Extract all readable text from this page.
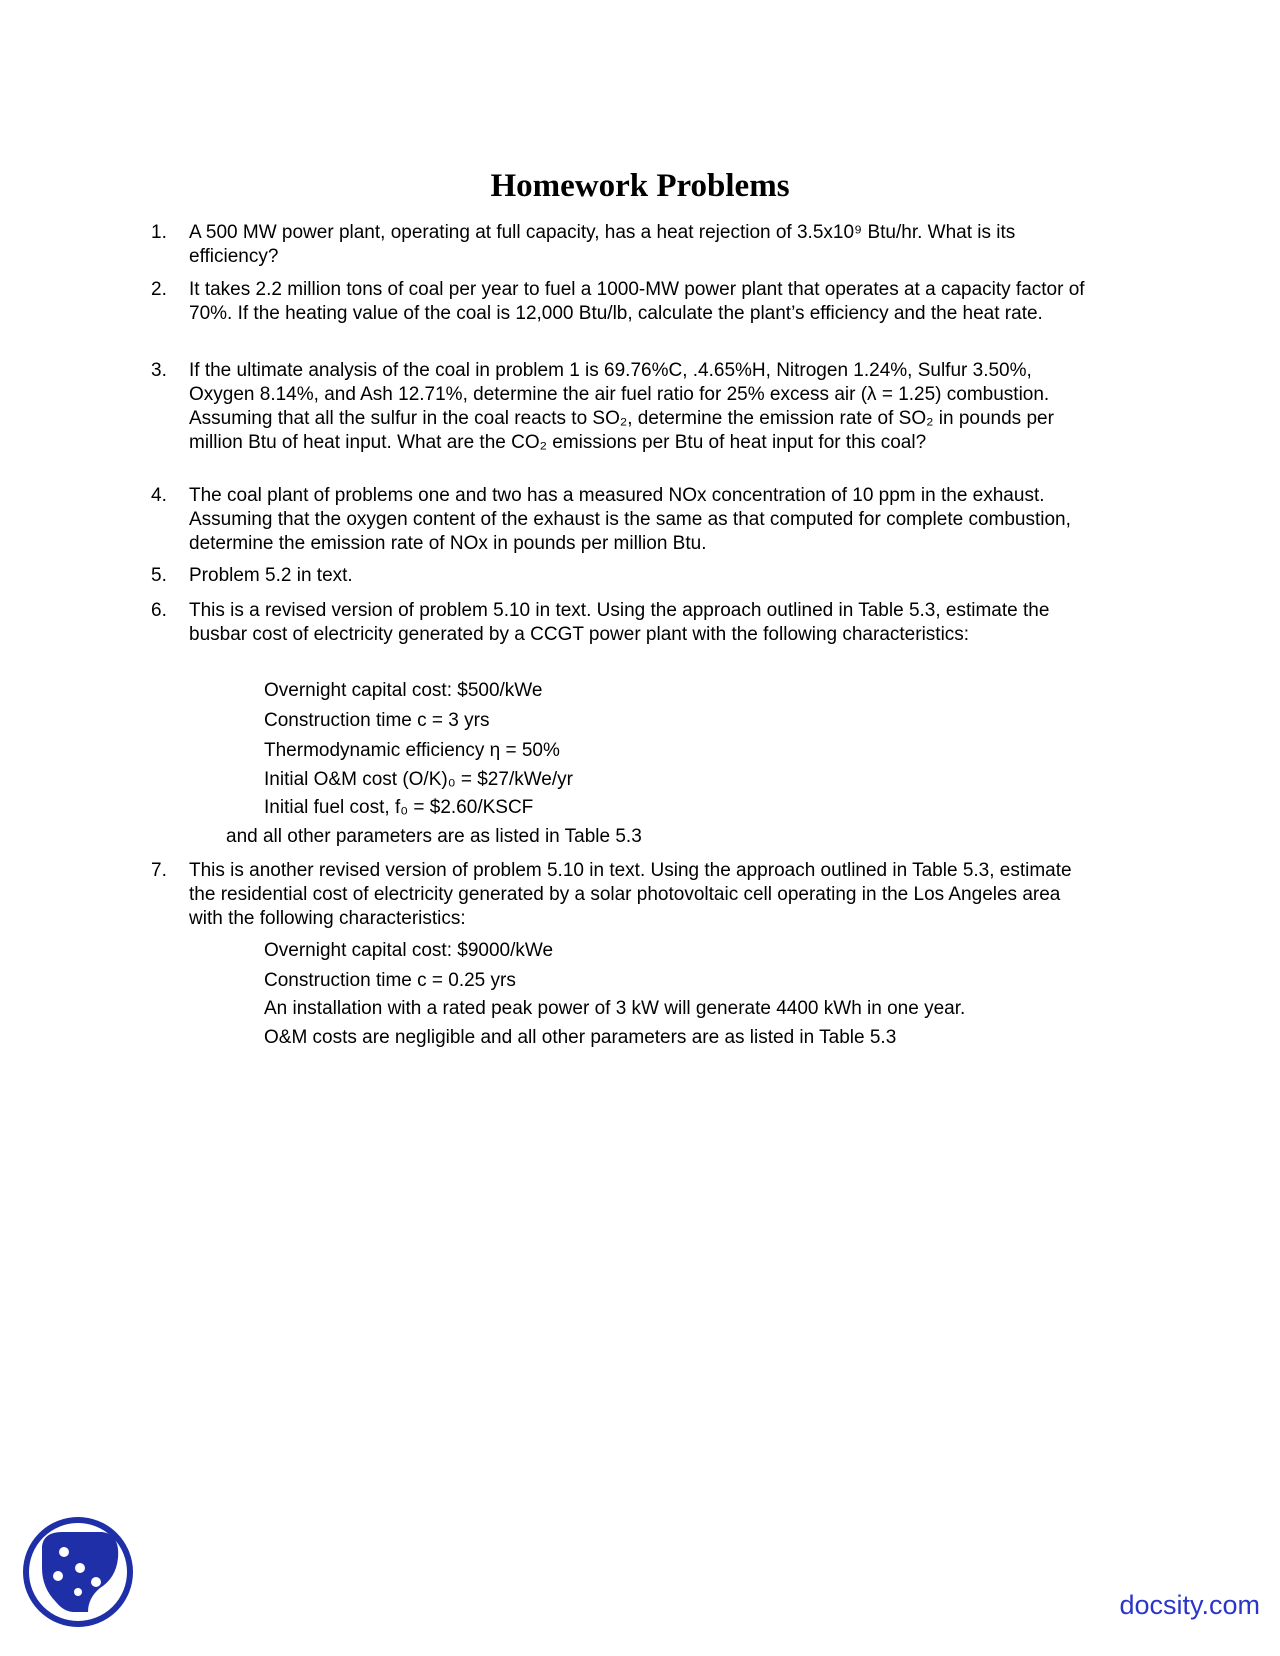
Homework Problems
1.	A 500 MW power plant, operating at full capacity, has a heat rejection of 3.5x10⁹ Btu/hr. What is its efficiency?
2.	It takes 2.2 million tons of coal per year to fuel a 1000-MW power plant that operates at a capacity factor of 70%. If the heating value of the coal is 12,000 Btu/lb, calculate the plant’s efficiency and the heat rate.
3.	If the ultimate analysis of the coal in problem 1 is 69.76%C, .4.65%H, Nitrogen 1.24%, Sulfur 3.50%, Oxygen 8.14%, and Ash 12.71%, determine the air fuel ratio for 25% excess air (λ = 1.25) combustion. Assuming that all the sulfur in the coal reacts to SO₂, determine the emission rate of SO₂ in pounds per million Btu of heat input. What are the CO₂ emissions per Btu of heat input for this coal?
4.	The coal plant of problems one and two has a measured NOx concentration of 10 ppm in the exhaust. Assuming that the oxygen content of the exhaust is the same as that computed for complete combustion, determine the emission rate of NOx in pounds per million Btu.
5.	Problem 5.2 in text.
6.	This is a revised version of problem 5.10 in text. Using the approach outlined in Table 5.3, estimate the busbar cost of electricity generated by a CCGT power plant with the following characteristics:
Overnight capital cost: $500/kWe
Construction time c = 3 yrs
Thermodynamic efficiency η = 50%
Initial O&M cost (O/K)₀ = $27/kWe/yr
Initial fuel cost, f₀ = $2.60/KSCF
and all other parameters are as listed in Table 5.3
7.	This is another revised version of problem 5.10 in text. Using the approach outlined in Table 5.3, estimate the residential cost of electricity generated by a solar photovoltaic cell operating in the Los Angeles area with the following characteristics:
Overnight capital cost: $9000/kWe
Construction time c = 0.25 yrs
An installation with a rated peak power of 3 kW will generate 4400 kWh in one year.
O&M costs are negligible and all other parameters are as listed in Table 5.3
docsity.com
